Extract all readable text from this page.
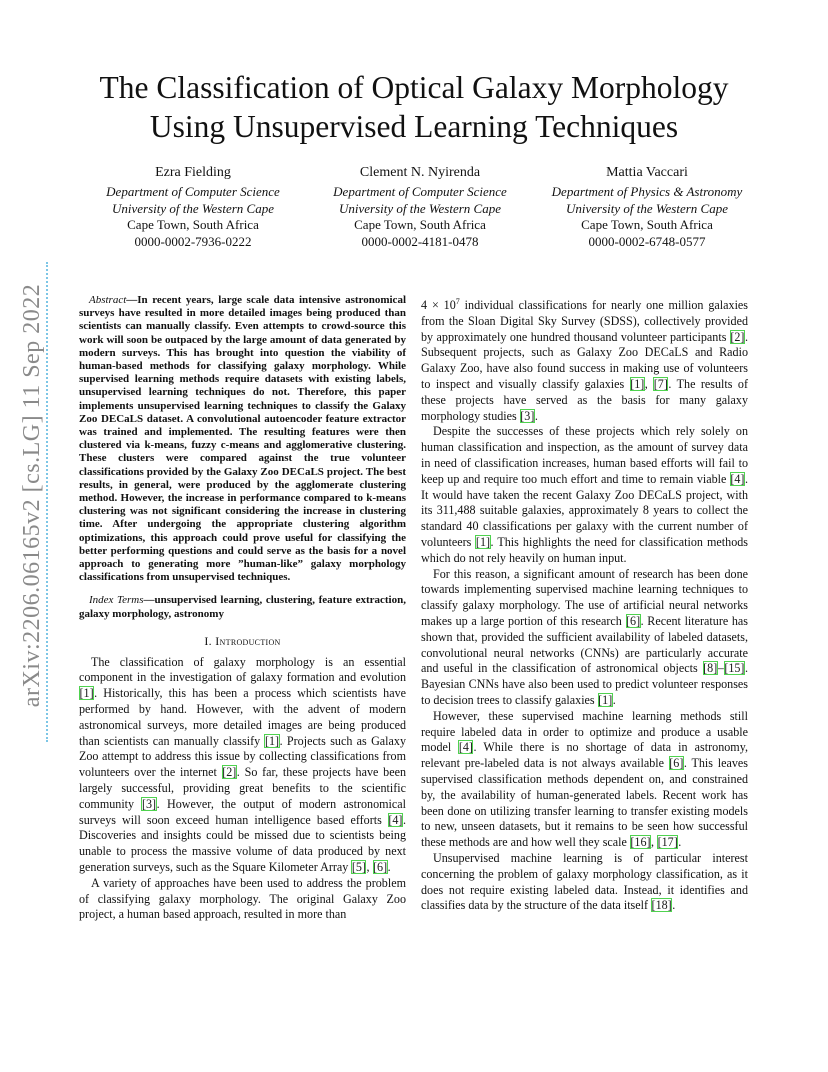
arXiv:2206.06165v2 [cs.LG] 11 Sep 2022
The Classification of Optical Galaxy Morphology
Using Unsupervised Learning Techniques
Ezra Fielding
Department of Computer Science
University of the Western Cape
Cape Town, South Africa
0000-0002-7936-0222
Clement N. Nyirenda
Department of Computer Science
University of the Western Cape
Cape Town, South Africa
0000-0002-4181-0478
Mattia Vaccari
Department of Physics & Astronomy
University of the Western Cape
Cape Town, South Africa
0000-0002-6748-0577

Abstract—In recent years, large scale data intensive astronomical surveys have resulted in more detailed images being produced than scientists can manually classify. Even attempts to crowd-source this work will soon be outpaced by the large amount of data generated by modern surveys. This has brought into question the viability of human-based methods for classifying galaxy morphology. While supervised learning methods require datasets with existing labels, unsupervised learning techniques do not. Therefore, this paper implements unsupervised learning techniques to classify the Galaxy Zoo DECaLS dataset. A convolutional autoencoder feature extractor was trained and implemented. The resulting features were then clustered via k-means, fuzzy c-means and agglomerative clustering. These clusters were compared against the true volunteer classifications provided by the Galaxy Zoo DECaLS project. The best results, in general, were produced by the agglomerate clustering method. However, the increase in performance compared to k-means clustering was not significant considering the increase in clustering time. After undergoing the appropriate clustering algorithm optimizations, this approach could prove useful for classifying the better performing questions and could serve as the basis for a novel approach to generating more ”human-like” galaxy morphology classifications from unsupervised techniques.

Index Terms—unsupervised learning, clustering, feature extraction, galaxy morphology, astronomy

I. Introduction

The classification of galaxy morphology is an essential component in the investigation of galaxy formation and evolution [1]. Historically, this has been a process which scientists have performed by hand. However, with the advent of modern astronomical surveys, more detailed images are being produced than scientists can manually classify [1]. Projects such as Galaxy Zoo attempt to address this issue by collecting classifications from volunteers over the internet [2]. So far, these projects have been largely successful, providing great benefits to the scientific community [3]. However, the output of modern astronomical surveys will soon exceed human intelligence based efforts [4]. Discoveries and insights could be missed due to scientists being unable to process the massive volume of data produced by next generation surveys, such as the Square Kilometer Array [5], [6].

A variety of approaches have been used to address the problem of classifying galaxy morphology. The original Galaxy Zoo project, a human based approach, resulted in more than

$4 \times 10^7$ individual classifications for nearly one million galaxies from the Sloan Digital Sky Survey (SDSS), collectively provided by approximately one hundred thousand volunteer participants [2]. Subsequent projects, such as Galaxy Zoo DECaLS and Radio Galaxy Zoo, have also found success in making use of volunteers to inspect and visually classify galaxies [1], [7]. The results of these projects have served as the basis for many galaxy morphology studies [3].

Despite the successes of these projects which rely solely on human classification and inspection, as the amount of survey data in need of classification increases, human based efforts will fail to keep up and require too much effort and time to remain viable [4]. It would have taken the recent Galaxy Zoo DECaLS project, with its 311,488 suitable galaxies, approximately 8 years to collect the standard 40 classifications per galaxy with the current number of volunteers [1]. This highlights the need for classification methods which do not rely heavily on human input.

For this reason, a significant amount of research has been done towards implementing supervised machine learning techniques to classify galaxy morphology. The use of artificial neural networks makes up a large portion of this research [6]. Recent literature has shown that, provided the sufficient availability of labeled datasets, convolutional neural networks (CNNs) are particularly accurate and useful in the classification of astronomical objects [8]–[15]. Bayesian CNNs have also been used to predict volunteer responses to decision trees to classify galaxies [1].

However, these supervised machine learning methods still require labeled data in order to optimize and produce a usable model [4]. While there is no shortage of data in astronomy, relevant pre-labeled data is not always available [6]. This leaves supervised classification methods dependent on, and constrained by, the availability of human-generated labels. Recent work has been done on utilizing transfer learning to transfer existing models to new, unseen datasets, but it remains to be seen how successful these methods are and how well they scale [16], [17].

Unsupervised machine learning is of particular interest concerning the problem of galaxy morphology classification, as it does not require existing labeled data. Instead, it identifies and classifies data by the structure of the data itself [18].
